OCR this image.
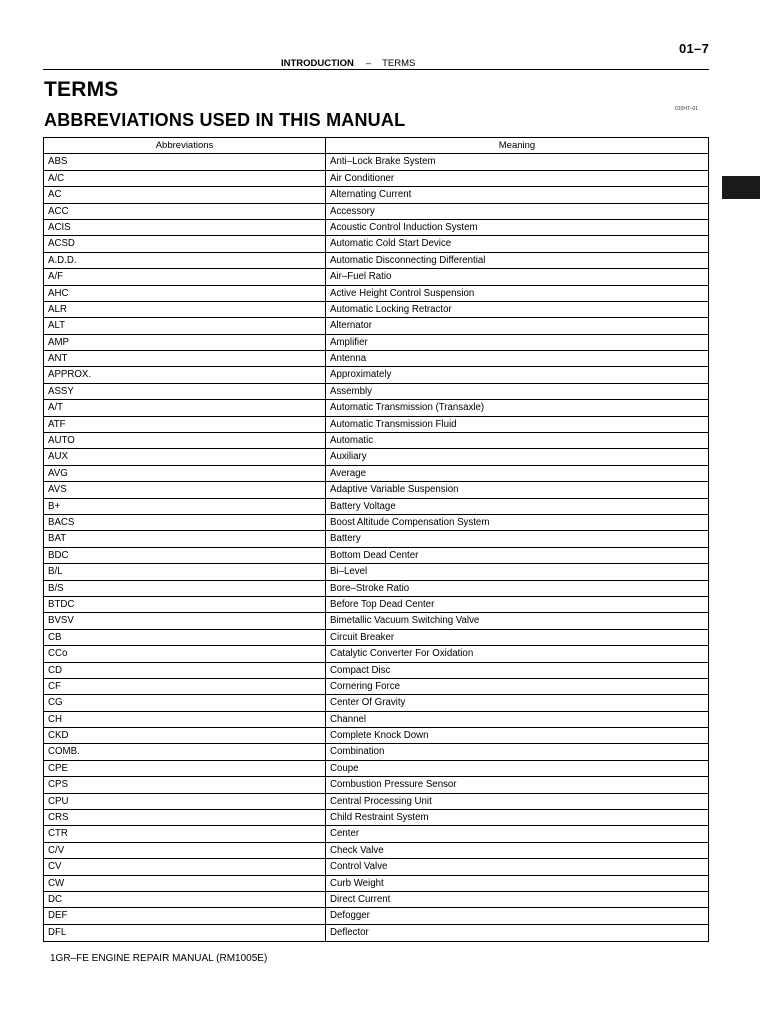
01–7
INTRODUCTION – TERMS
TERMS
ABBREVIATIONS USED IN THIS MANUAL
010H7–01
Abbreviations	Meaning
ABS	Anti–Lock Brake System
A/C	Air Conditioner
AC	Alternating Current
ACC	Accessory
ACIS	Acoustic Control Induction System
ACSD	Automatic Cold Start Device
A.D.D.	Automatic Disconnecting Differential
A/F	Air–Fuel Ratio
AHC	Active Height Control Suspension
ALR	Automatic Locking Retractor
ALT	Alternator
AMP	Amplifier
ANT	Antenna
APPROX.	Approximately
ASSY	Assembly
A/T	Automatic Transmission (Transaxle)
ATF	Automatic Transmission Fluid
AUTO	Automatic
AUX	Auxiliary
AVG	Average
AVS	Adaptive Variable Suspension
B+	Battery Voltage
BACS	Boost Altitude Compensation System
BAT	Battery
BDC	Bottom Dead Center
B/L	Bi–Level
B/S	Bore–Stroke Ratio
BTDC	Before Top Dead Center
BVSV	Bimetallic Vacuum Switching Valve
CB	Circuit Breaker
CCo	Catalytic Converter For Oxidation
CD	Compact Disc
CF	Cornering Force
CG	Center Of Gravity
CH	Channel
CKD	Complete Knock Down
COMB.	Combination
CPE	Coupe
CPS	Combustion Pressure Sensor
CPU	Central Processing Unit
CRS	Child Restraint System
CTR	Center
C/V	Check Valve
CV	Control Valve
CW	Curb Weight
DC	Direct Current
DEF	Defogger
DFL	Deflector
1GR–FE ENGINE REPAIR MANUAL (RM1005E)
